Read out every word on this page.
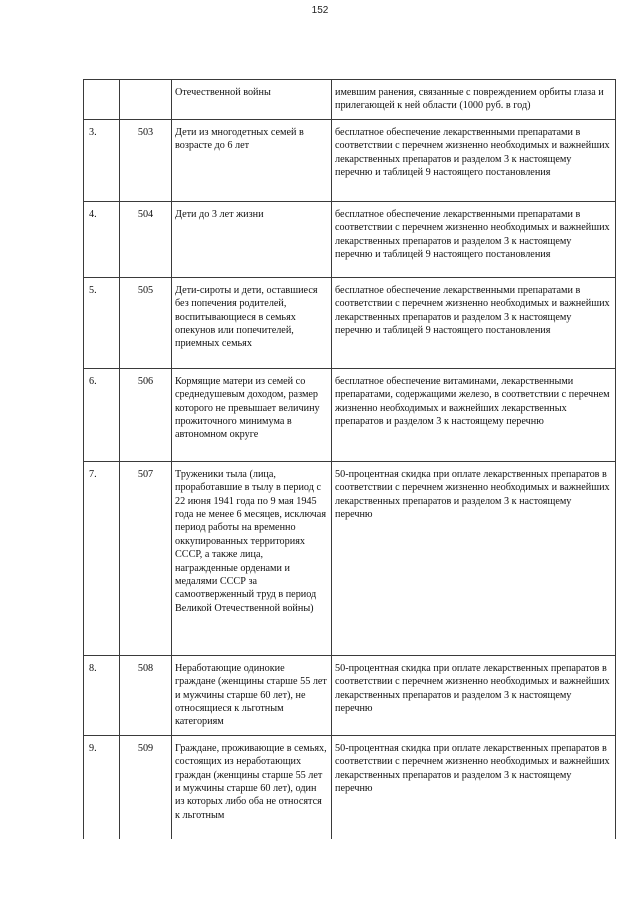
152
		Отечественной войны	имевшим ранения, связанные с повреждением орбиты глаза и прилегающей к ней области (1000 руб. в год)
3.	503	Дети из многодетных семей в возрасте до 6 лет	бесплатное обеспечение лекарственными препаратами в соответствии с перечнем жизненно необходимых и важнейших лекарственных препаратов и разделом 3 к настоящему перечню и таблицей 9 настоящего постановления
4.	504	Дети до 3 лет жизни	бесплатное обеспечение лекарственными препаратами в соответствии с перечнем жизненно необходимых и важнейших лекарственных препаратов и разделом 3 к настоящему перечню и таблицей 9 настоящего постановления
5.	505	Дети-сироты и дети, оставшиеся без попечения родителей, воспитывающиеся в семьях опекунов или попечителей, приемных семьях	бесплатное обеспечение лекарственными препаратами в соответствии с перечнем жизненно необходимых и важнейших лекарственных препаратов и разделом 3 к настоящему перечню и таблицей 9 настоящего постановления
6.	506	Кормящие матери из семей со среднедушевым доходом, размер которого не превышает величину прожиточного минимума в автономном округе	бесплатное обеспечение витаминами, лекарственными препаратами, содержащими железо, в соответствии с перечнем жизненно необходимых и важнейших лекарственных препаратов и разделом 3 к настоящему перечню
7.	507	Труженики тыла (лица, проработавшие в тылу в период с 22 июня 1941 года по 9 мая 1945 года не менее 6 месяцев, исключая период работы на временно оккупированных территориях СССР, а также лица, награжденные орденами и медалями СССР за самоотверженный труд в период Великой Отечественной войны)	50-процентная скидка при оплате лекарственных препаратов в соответствии с перечнем жизненно необходимых и важнейших лекарственных препаратов и разделом 3 к настоящему перечню
8.	508	Неработающие одинокие граждане (женщины старше 55 лет и мужчины старше 60 лет), не относящиеся к льготным категориям	50-процентная скидка при оплате лекарственных препаратов в соответствии с перечнем жизненно необходимых и важнейших лекарственных препаратов и разделом 3 к настоящему перечню
9.	509	Граждане, проживающие в семьях, состоящих из неработающих граждан (женщины старше 55 лет и мужчины старше 60 лет), один из которых либо оба не относятся к льготным	50-процентная скидка при оплате лекарственных препаратов в соответствии с перечнем жизненно необходимых и важнейших лекарственных препаратов и разделом 3 к настоящему перечню
